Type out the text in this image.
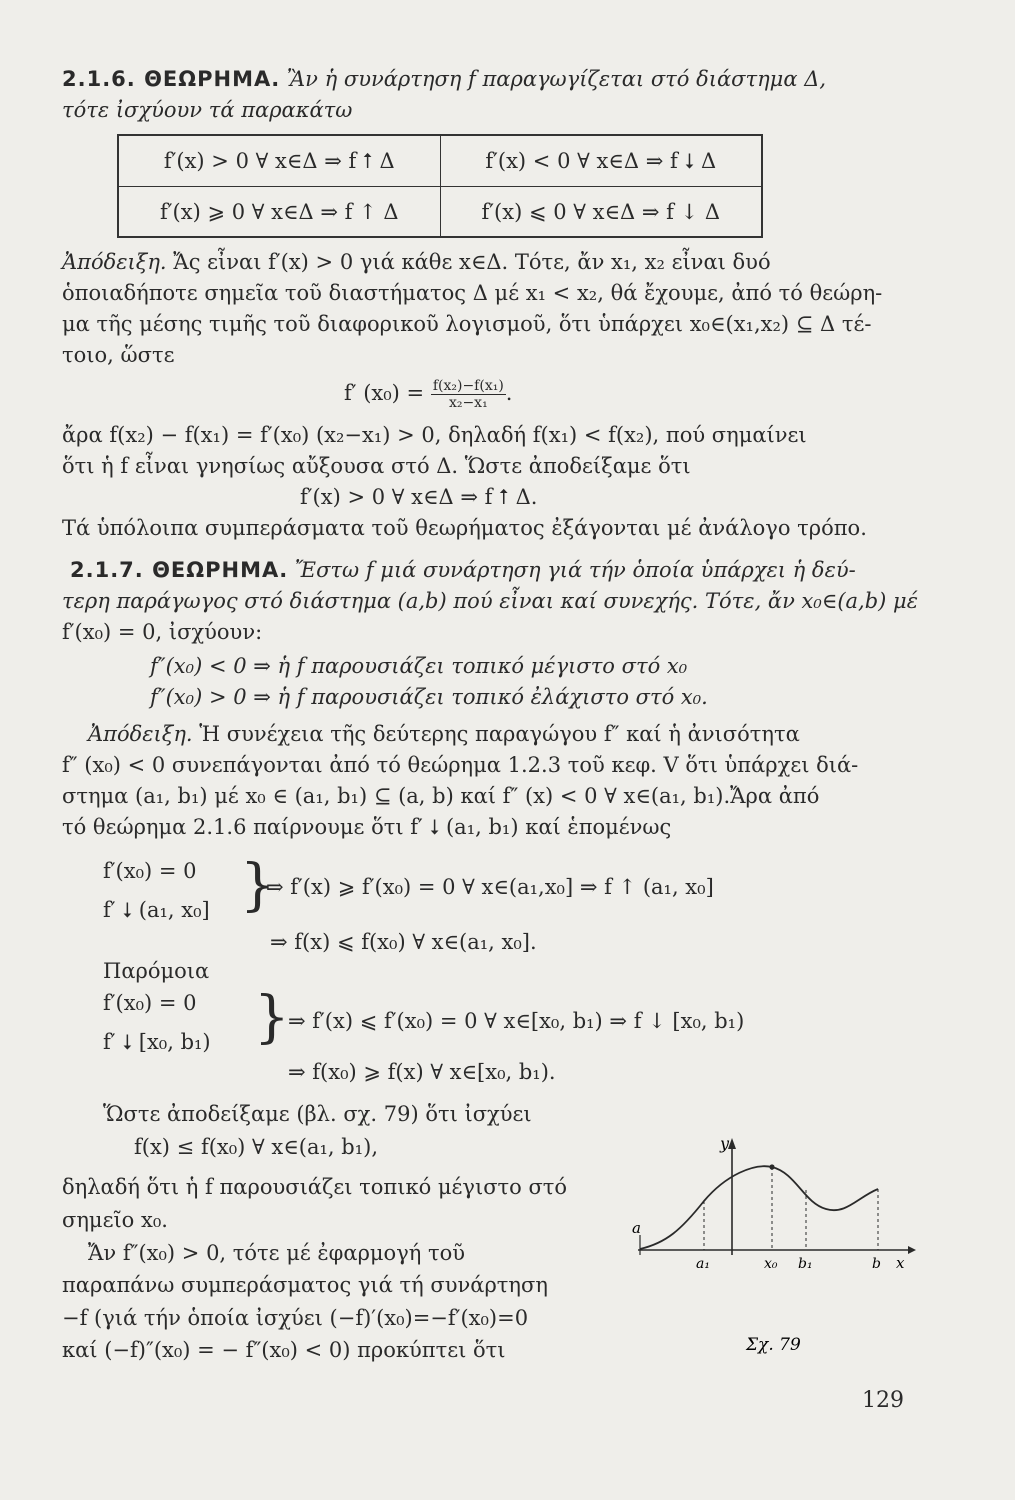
2.1.6. ΘΕΩΡΗΜΑ. Ἂν ἡ συνάρτηση f παραγωγίζεται στό διάστημα Δ,
τότε ἰσχύουν τά παρακάτω
f′(x) > 0 ∀ x∈Δ ⇒ f ⭡ Δ	f′(x) < 0 ∀ x∈Δ ⇒ f ⭣ Δ
f′(x) ⩾ 0 ∀ x∈Δ ⇒ f ↑ Δ	f′(x) ⩽ 0 ∀ x∈Δ ⇒ f ↓ Δ
Ἀπόδειξη. Ἄς εἶναι f′(x) > 0 γιά κάθε x∈Δ. Τότε, ἄν x₁, x₂ εἶναι δυό
ὁποιαδήποτε σημεῖα τοῦ διαστήματος Δ μέ x₁ < x₂, θά ἔχουμε, ἀπό τό θεώρη-
μα τῆς μέσης τιμῆς τοῦ διαφορικοῦ λογισμοῦ, ὅτι ὑπάρχει x₀∈(x₁,x₂) ⊆ Δ τέ-
τοιο, ὥστε
f′ $(x_0) = \frac{\text{f(x₂)−f(x₁)}}{\text{x₂−x₁}}$ .
ἄρα f(x₂) − f(x₁) = f′(x₀) (x₂−x₁) > 0, δηλαδή f(x₁) < f(x₂), πού σημαίνει
ὅτι ἡ f εἶναι γνησίως αὔξουσα στό Δ. Ὥστε ἀποδείξαμε ὅτι
f′(x) > 0 ∀ x∈Δ ⇒ f ⭡ Δ.
Τά ὑπόλοιπα συμπεράσματα τοῦ θεωρήματος ἐξάγονται μέ ἀνάλογο τρόπο.
2.1.7. ΘΕΩΡΗΜΑ. Ἔστω f μιά συνάρτηση γιά τήν ὁποία ὑπάρχει ἡ δεύ-
τερη παράγωγος στό διάστημα (a,b) πού εἶναι καί συνεχής. Τότε, ἄν x₀∈(a,b) μέ
f′(x₀) = 0, ἰσχύουν:
f″(x₀) < 0 ⇒ ἡ f παρουσιάζει τοπικό μέγιστο στό x₀
f″(x₀) > 0 ⇒ ἡ f παρουσιάζει τοπικό ἐλάχιστο στό x₀.
Ἀπόδειξη. Ἡ συνέχεια τῆς δεύτερης παραγώγου f″ καί ἡ ἀνισότητα
f″ (x₀) < 0 συνεπάγονται ἀπό τό θεώρημα 1.2.3 τοῦ κεφ. V ὅτι ὑπάρχει διά-
στημα (a₁, b₁) μέ x₀ ∈ (a₁, b₁) ⊆ (a, b) καί f″ (x) < 0 ∀ x∈(a₁, b₁).Ἄρα ἀπό
τό θεώρημα 2.1.6 παίρνουμε ὅτι f′ ⭣ (a₁, b₁) καί ἑπομένως
f′(x₀) = 0
f′ ⭣ (a₁, x₀] }
⇒ f′(x) ⩾ f′(x₀) = 0 ∀ x∈(a₁,x₀] ⇒ f ↑ (a₁, x₀]
⇒ f(x) ⩽ f(x₀) ∀ x∈(a₁, x₀].
Παρόμοια
f′(x₀) = 0
f′ ⭣ [x₀, b₁) }
⇒ f′(x) ⩽ f′(x₀) = 0 ∀ x∈[x₀, b₁) ⇒ f ↓ [x₀, b₁)
⇒ f(x₀) ⩾ f(x) ∀ x∈[x₀, b₁).
Ὥστε ἀποδείξαμε (βλ. σχ. 79) ὅτι ἰσχύει
f(x) ≤ f(x₀) ∀ x∈(a₁, b₁),
δηλαδή ὅτι ἡ f παρουσιάζει τοπικό μέγιστο στό
σημεῖο x₀.
Ἄν f″(x₀) > 0, τότε μέ ἐφαρμογή τοῦ
παραπάνω συμπεράσματος γιά τή συνάρτηση
−f (γιά τήν ὁποία ἰσχύει (−f)′(x₀)=−f′(x₀)=0
καί (−f)″(x₀) = − f″(x₀) < 0) προκύπτει ὅτι
y
x
a
a₁	x₀ b₁	b
Σχ. 79
129
